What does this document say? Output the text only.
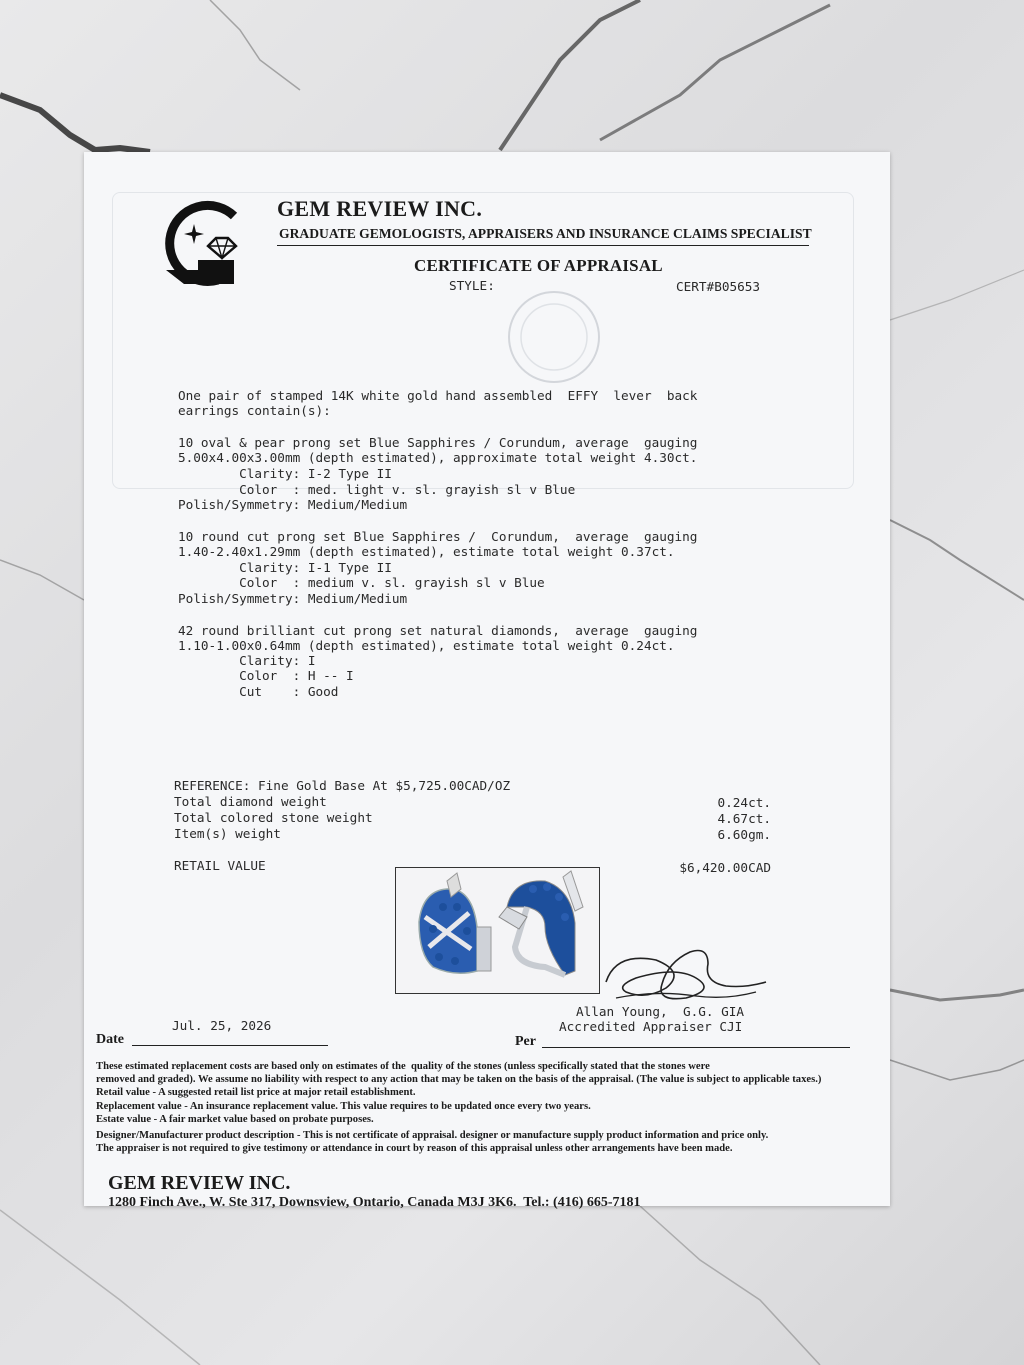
GEM REVIEW INC.
GRADUATE GEMOLOGISTS, APPRAISERS AND INSURANCE CLAIMS SPECIALIST
CERTIFICATE OF APPRAISAL
STYLE:	CERT#B05653
One pair of stamped 14K white gold hand assembled  EFFY  lever  back
earrings contain(s):
10 oval & pear prong set Blue Sapphires / Corundum, average  gauging
5.00x4.00x3.00mm (depth estimated), approximate total weight 4.30ct.
Clarity: I-2 Type II
Color  : med. light v. sl. grayish sl v Blue
Polish/Symmetry: Medium/Medium
10 round cut prong set Blue Sapphires /  Corundum,  average  gauging
1.40-2.40x1.29mm (depth estimated), estimate total weight 0.37ct.
Clarity: I-1 Type II
Color  : medium v. sl. grayish sl v Blue
Polish/Symmetry: Medium/Medium
42 round brilliant cut prong set natural diamonds,  average  gauging
1.10-1.00x0.64mm (depth estimated), estimate total weight 0.24ct.
Clarity: I
Color  : H -- I
Cut    : Good
REFERENCE: Fine Gold Base At $5,725.00CAD/OZ
Total diamond weight	0.24ct.
Total colored stone weight	4.67ct.
Item(s) weight	6.60gm.
RETAIL VALUE	$6,420.00CAD
Allan Young,  G.G. GIA
Accredited Appraiser CJI
Jul. 25, 2026
Date	Per
These estimated replacement costs are based only on estimates of the  quality of the stones (unless specifically stated that the stones were
removed and graded). We assume no liability with respect to any action that may be taken on the basis of the appraisal. (The value is subject to applicable taxes.)
Retail value - A suggested retail list price at major retail establishment.
Replacement value - An insurance replacement value. This value requires to be updated once every two years.
Estate value - A fair market value based on probate purposes.
Designer/Manufacturer product description - This is not certificate of appraisal. designer or manufacture supply product information and price only.
The appraiser is not required to give testimony or attendance in court by reason of this appraisal unless other arrangements have been made.

GEM REVIEW INC.
1280 Finch Ave., W. Ste 317, Downsview, Ontario, Canada M3J 3K6.  Tel.: (416) 665-7181
